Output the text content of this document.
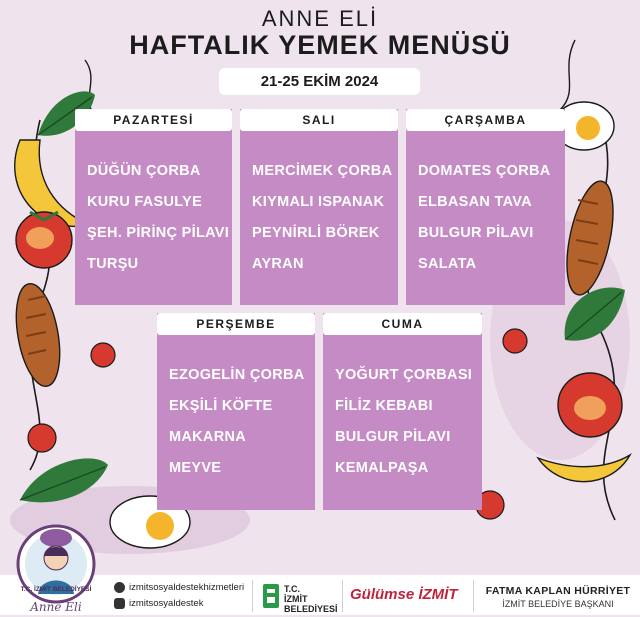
ANNE ELİ
HAFTALIK YEMEK MENÜSÜ
21-25 EKİM 2024
PAZARTESİ
DÜĞÜN ÇORBA
KURU FASULYE
ŞEH. PİRİNÇ PİLAVI
TURŞU
SALI
MERCİMEK ÇORBA
KIYMALI ISPANAK
PEYNİRLİ BÖREK
AYRAN
ÇARŞAMBA
DOMATES ÇORBA
ELBASAN TAVA
BULGUR PİLAVI
SALATA
PERŞEMBE
EZOGELİN ÇORBA
EKŞİLİ KÖFTE
MAKARNA
MEYVE
CUMA
YOĞURT ÇORBASI
FİLİZ KEBABI
BULGUR PİLAVI
KEMALPAŞA
T.C. İZMİT BELEDİYESİ
Anne Eli
izmitsosyaldestekhizmetleri
izmitsosyaldestek
T.C.
İZMİT
BELEDİYESİ
Gülümse İZMİT	FATMA KAPLAN HÜRRİYET
İZMİT BELEDİYE BAŞKANI
